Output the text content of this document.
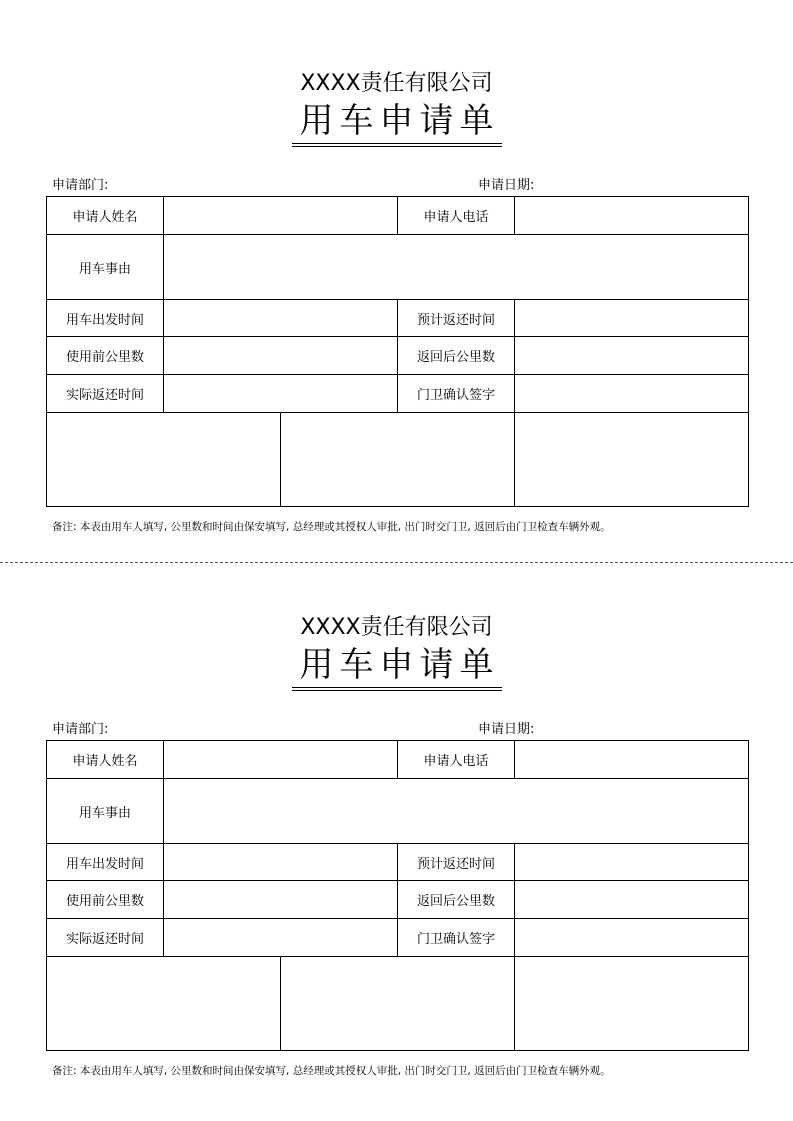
XXXX责任有限公司
用车申请单
申请部门:	申请日期:
申请人姓名			申请人电话	
用车事由				
用车出发时间			预计返还时间	
使用前公里数			返回后公里数	
实际返还时间			门卫确认签字	

备注: 本表由用车人填写, 公里数和时间由保安填写, 总经理或其授权人审批, 出门时交门卫, 返回后由门卫检查车辆外观。
XXXX责任有限公司
用车申请单
申请部门:	申请日期:
申请人姓名			申请人电话	
用车事由				
用车出发时间			预计返还时间	
使用前公里数			返回后公里数	
实际返还时间			门卫确认签字	

备注: 本表由用车人填写, 公里数和时间由保安填写, 总经理或其授权人审批, 出门时交门卫, 返回后由门卫检查车辆外观。
